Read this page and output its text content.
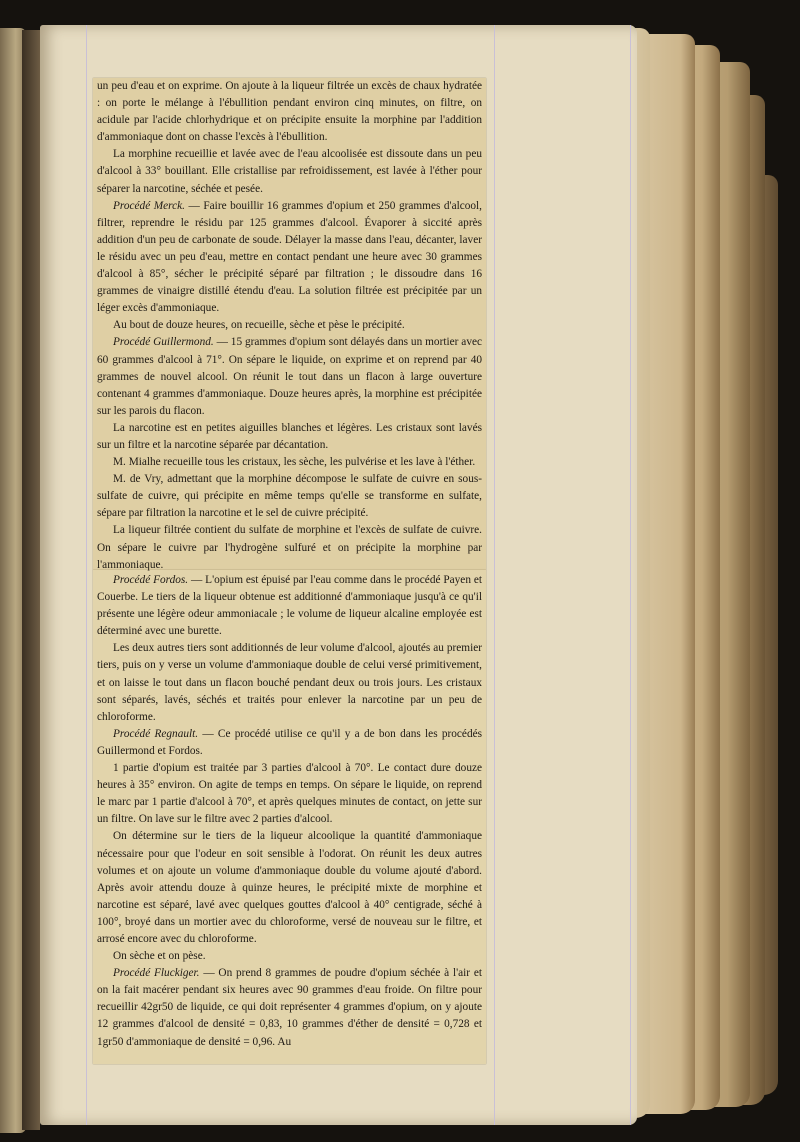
un peu d'eau et on exprime. On ajoute à la liqueur filtrée un excès de chaux hydratée : on porte le mélange à l'ébullition pendant environ cinq minutes, on filtre, on acidule par l'acide chlorhydrique et on précipite ensuite la morphine par l'addition d'ammoniaque dont on chasse l'excès à l'ébullition.

La morphine recueillie et lavée avec de l'eau alcoolisée est dissoute dans un peu d'alcool à 33° bouillant. Elle cristallise par refroidissement, est lavée à l'éther pour séparer la narcotine, séchée et pesée.

Procédé Merck. — Faire bouillir 16 grammes d'opium et 250 grammes d'alcool, filtrer, reprendre le résidu par 125 grammes d'alcool. Évaporer à siccité après addition d'un peu de carbonate de soude. Délayer la masse dans l'eau, décanter, laver le résidu avec un peu d'eau, mettre en contact pendant une heure avec 30 grammes d'alcool à 85°, sécher le précipité séparé par filtration ; le dissoudre dans 16 grammes de vinaigre distillé étendu d'eau. La solution filtrée est précipitée par un léger excès d'ammoniaque.

Au bout de douze heures, on recueille, sèche et pèse le précipité.

Procédé Guillermond. — 15 grammes d'opium sont délayés dans un mortier avec 60 grammes d'alcool à 71°. On sépare le liquide, on exprime et on reprend par 40 grammes de nouvel alcool. On réunit le tout dans un flacon à large ouverture contenant 4 grammes d'ammoniaque. Douze heures après, la morphine est précipitée sur les parois du flacon.

La narcotine est en petites aiguilles blanches et légères. Les cristaux sont lavés sur un filtre et la narcotine séparée par décantation.

M. Mialhe recueille tous les cristaux, les sèche, les pulvérise et les lave à l'éther.

M. de Vry, admettant que la morphine décompose le sulfate de cuivre en sous-sulfate de cuivre, qui précipite en même temps qu'elle se transforme en sulfate, sépare par filtration la narcotine et le sel de cuivre précipité.

La liqueur filtrée contient du sulfate de morphine et l'excès de sulfate de cuivre. On sépare le cuivre par l'hydrogène sulfuré et on précipite la morphine par l'ammoniaque.

Procédé Fordos. — L'opium est épuisé par l'eau comme dans le procédé Payen et Couerbe. Le tiers de la liqueur obtenue est additionné d'ammoniaque jusqu'à ce qu'il présente une légère odeur ammoniacale ; le volume de liqueur alcaline employée est déterminé avec une burette.

Les deux autres tiers sont additionnés de leur volume d'alcool, ajoutés au premier tiers, puis on y verse un volume d'ammoniaque double de celui versé primitivement, et on laisse le tout dans un flacon bouché pendant deux ou trois jours. Les cristaux sont séparés, lavés, séchés et traités pour enlever la narcotine par un peu de chloroforme.

Procédé Regnault. — Ce procédé utilise ce qu'il y a de bon dans les procédés Guillermond et Fordos.

1 partie d'opium est traitée par 3 parties d'alcool à 70°. Le contact dure douze heures à 35° environ. On agite de temps en temps. On sépare le liquide, on reprend le marc par 1 partie d'alcool à 70°, et après quelques minutes de contact, on jette sur un filtre. On lave sur le filtre avec 2 parties d'alcool.

On détermine sur le tiers de la liqueur alcoolique la quantité d'ammoniaque nécessaire pour que l'odeur en soit sensible à l'odorat. On réunit les deux autres volumes et on ajoute un volume d'ammoniaque double du volume ajouté d'abord. Après avoir attendu douze à quinze heures, le précipité mixte de morphine et narcotine est séparé, lavé avec quelques gouttes d'alcool à 40° centigrade, séché à 100°, broyé dans un mortier avec du chloroforme, versé de nouveau sur le filtre, et arrosé encore avec du chloroforme.

On sèche et on pèse.

Procédé Fluckiger. — On prend 8 grammes de poudre d'opium séchée à l'air et on la fait macérer pendant six heures avec 90 grammes d'eau froide. On filtre pour recueillir 42gr50 de liquide, ce qui doit représenter 4 grammes d'opium, on y ajoute 12 grammes d'alcool de densité = 0,83, 10 grammes d'éther de densité = 0,728 et 1gr50 d'ammoniaque de densité = 0,96. Au
